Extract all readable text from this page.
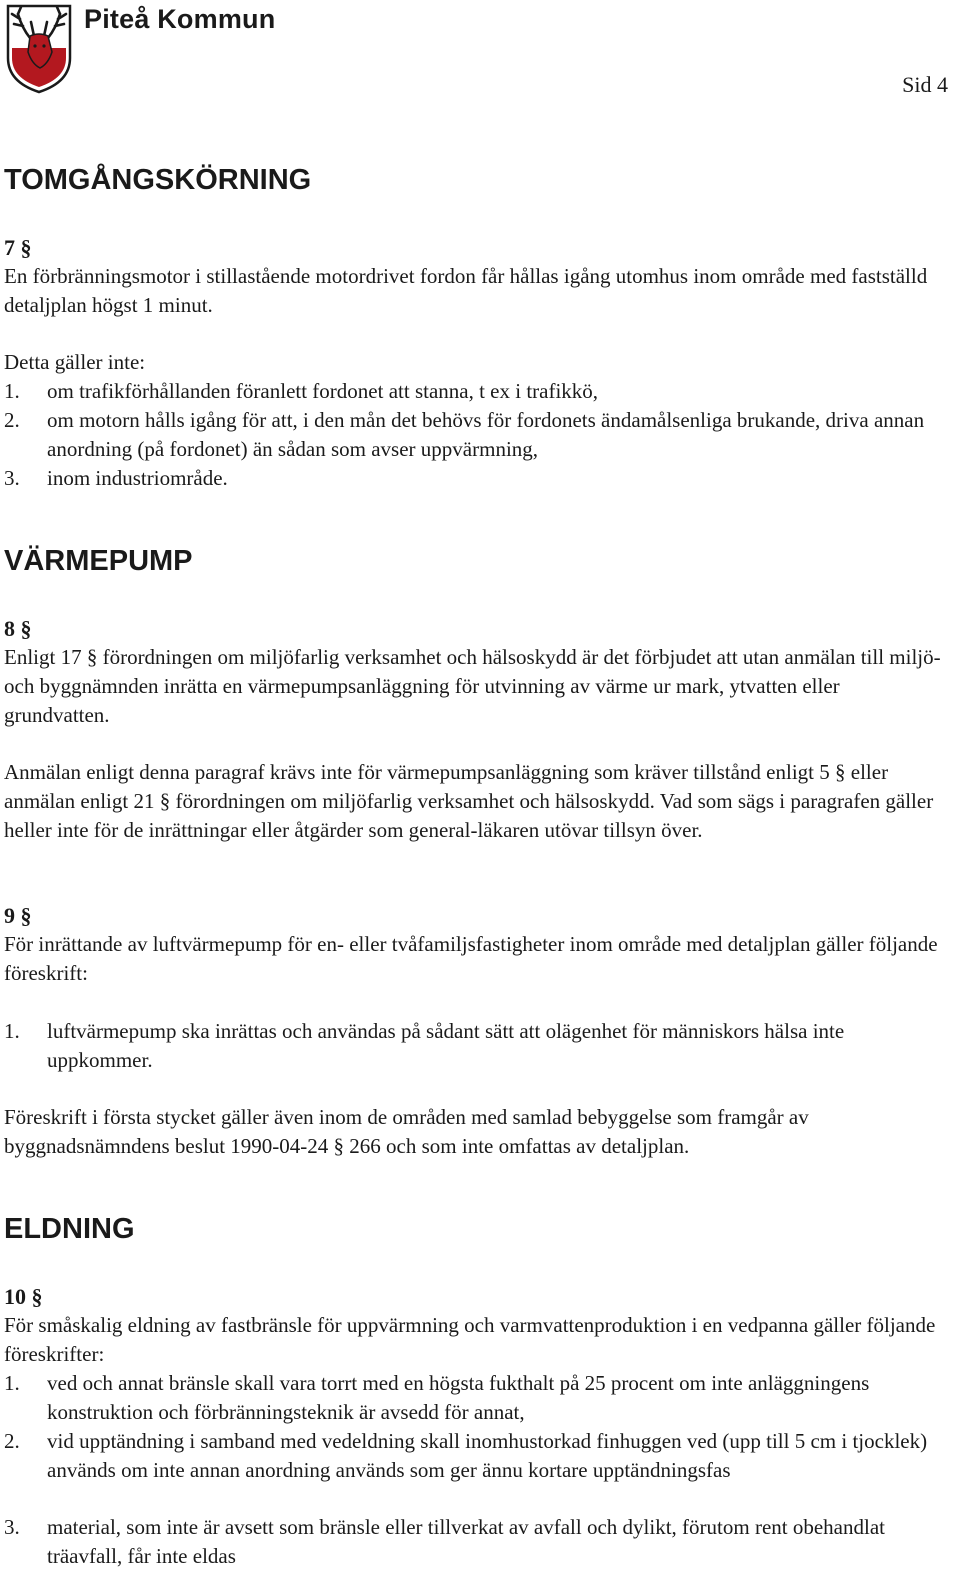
Piteå Kommun
Sid 4
TOMGÅNGSKÖRNING
7 §

En förbränningsmotor i stillastående motordrivet fordon får hållas igång utomhus inom område med fastställd detaljplan högst 1 minut.

Detta gäller inte:

1.	om trafikförhållanden föranlett fordonet att stanna, t ex i trafikkö,
2.	om motorn hålls igång för att, i den mån det behövs för fordonets ändamålsenliga brukande, driva annan anordning (på fordonet) än sådan som avser uppvärmning,
3.	inom industriområde.
VÄRMEPUMP
8 §

Enligt 17 § förordningen om miljöfarlig verksamhet och hälsoskydd är det förbjudet att utan anmälan till miljö- och byggnämnden inrätta en värmepumpsanläggning för utvinning av värme ur mark, ytvatten eller grundvatten.

Anmälan enligt denna paragraf krävs inte för värmepumpsanläggning som kräver tillstånd enligt 5 § eller anmälan enligt 21 § förordningen om miljöfarlig verksamhet och hälsoskydd. Vad som sägs i paragrafen gäller heller inte för de inrättningar eller åtgärder som general-läkaren utövar tillsyn över.

9 §

För inrättande av luftvärmepump för en- eller tvåfamiljsfastigheter inom område med detaljplan gäller följande föreskrift:

1.	luftvärmepump ska inrättas och användas på sådant sätt att olägenhet för människors hälsa inte uppkommer.

Föreskrift i första stycket gäller även inom de områden med samlad bebyggelse som framgår av byggnadsnämndens beslut 1990-04-24 § 266 och som inte omfattas av detaljplan.

ELDNING
10 §

För småskalig eldning av fastbränsle för uppvärmning och varmvattenproduktion i en vedpanna gäller följande föreskrifter:

1.	ved och annat bränsle skall vara torrt med en högsta fukthalt på 25 procent om inte anläggningens konstruktion och förbränningsteknik är avsedd för annat,
2.	vid upptändning i samband med vedeldning skall inomhustorkad finhuggen ved (upp till 5 cm i tjocklek) används om inte annan anordning används som ger ännu kortare upptändningsfas
3.	material, som inte är avsett som bränsle eller tillverkat av avfall och dylikt, förutom rent obehandlat träavfall, får inte eldas
